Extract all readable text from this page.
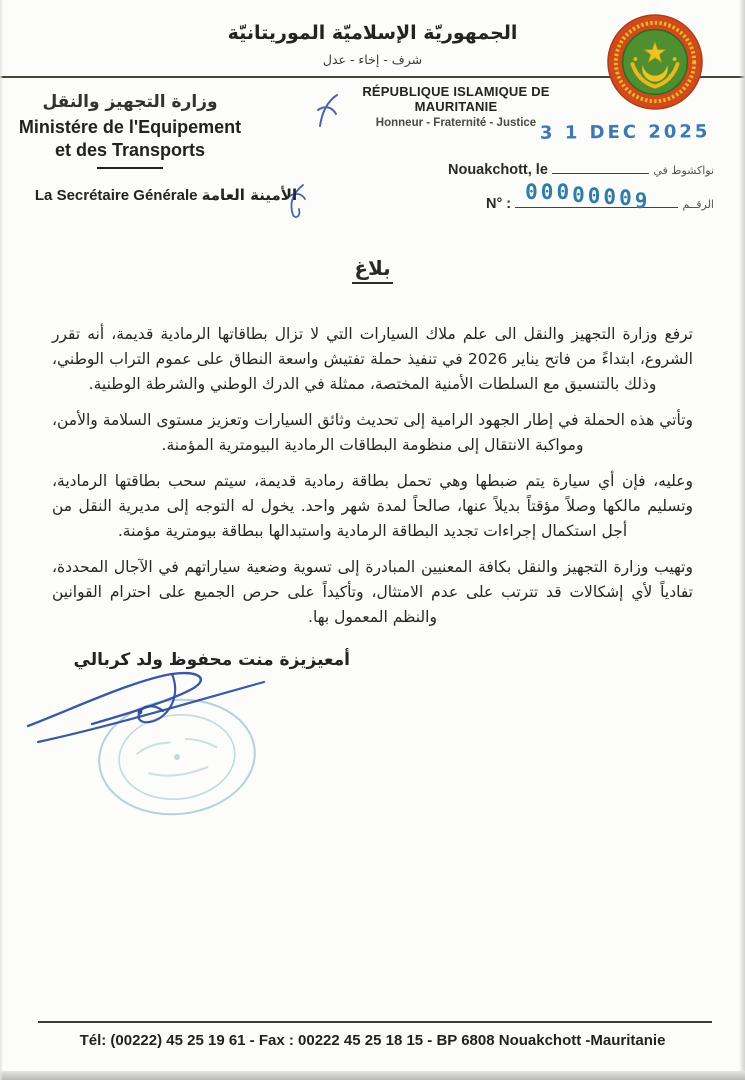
الجمهوريّة الإسلاميّة الموريتانيّة
شرف - إخاء - عدل
RÉPUBLIQUE ISLAMIQUE DE MAURITANIE
Honneur - Fraternité - Justice
وزارة التجهيز والنقل
Ministére de l'Equipement
et des Transports
La Secrétaire Générale الأمينة العامة
3 1 DEC 2025
Nouakchott, le	نواكشوط في
N° : 00000009	الرقــم
بلاغ

ترفع وزارة التجهيز والنقل الى علم ملاك السيارات التي لا تزال بطاقاتها الرمادية قديمة، أنه تقرر الشروع، ابتداءً من فاتح يناير 2026 في تنفيذ حملة تفتيش واسعة النطاق على عموم التراب الوطني، وذلك بالتنسيق مع السلطات الأمنية المختصة، ممثلة في الدرك الوطني والشرطة الوطنية.

وتأتي هذه الحملة في إطار الجهود الرامية إلى تحديث وثائق السيارات وتعزيز مستوى السلامة والأمن، ومواكبة الانتقال إلى منظومة البطاقات الرمادية البيومترية المؤمنة.

وعليه، فإن أي سيارة يتم ضبطها وهي تحمل بطاقة رمادية قديمة، سيتم سحب بطاقتها الرمادية، وتسليم مالكها وصلاً مؤقتاً بديلاً عنها، صالحاً لمدة شهر واحد. يخول له التوجه إلى مديرية النقل من أجل استكمال إجراءات تجديد البطاقة الرمادية واستبدالها ببطاقة بيومترية مؤمنة.

وتهيب وزارة التجهيز والنقل بكافة المعنيين المبادرة إلى تسوية وضعية سياراتهم في الآجال المحددة، تفادياً لأي إشكالات قد تترتب على عدم الامتثال، وتأكيداً على حرص الجميع على احترام القوانين والنظم المعمول بها.

أمعيزيزة منت محفوظ ولد كربالي
Tél: (00222) 45 25 19 61 - Fax : 00222 45 25 18 15 - BP 6808 Nouakchott -Mauritanie
